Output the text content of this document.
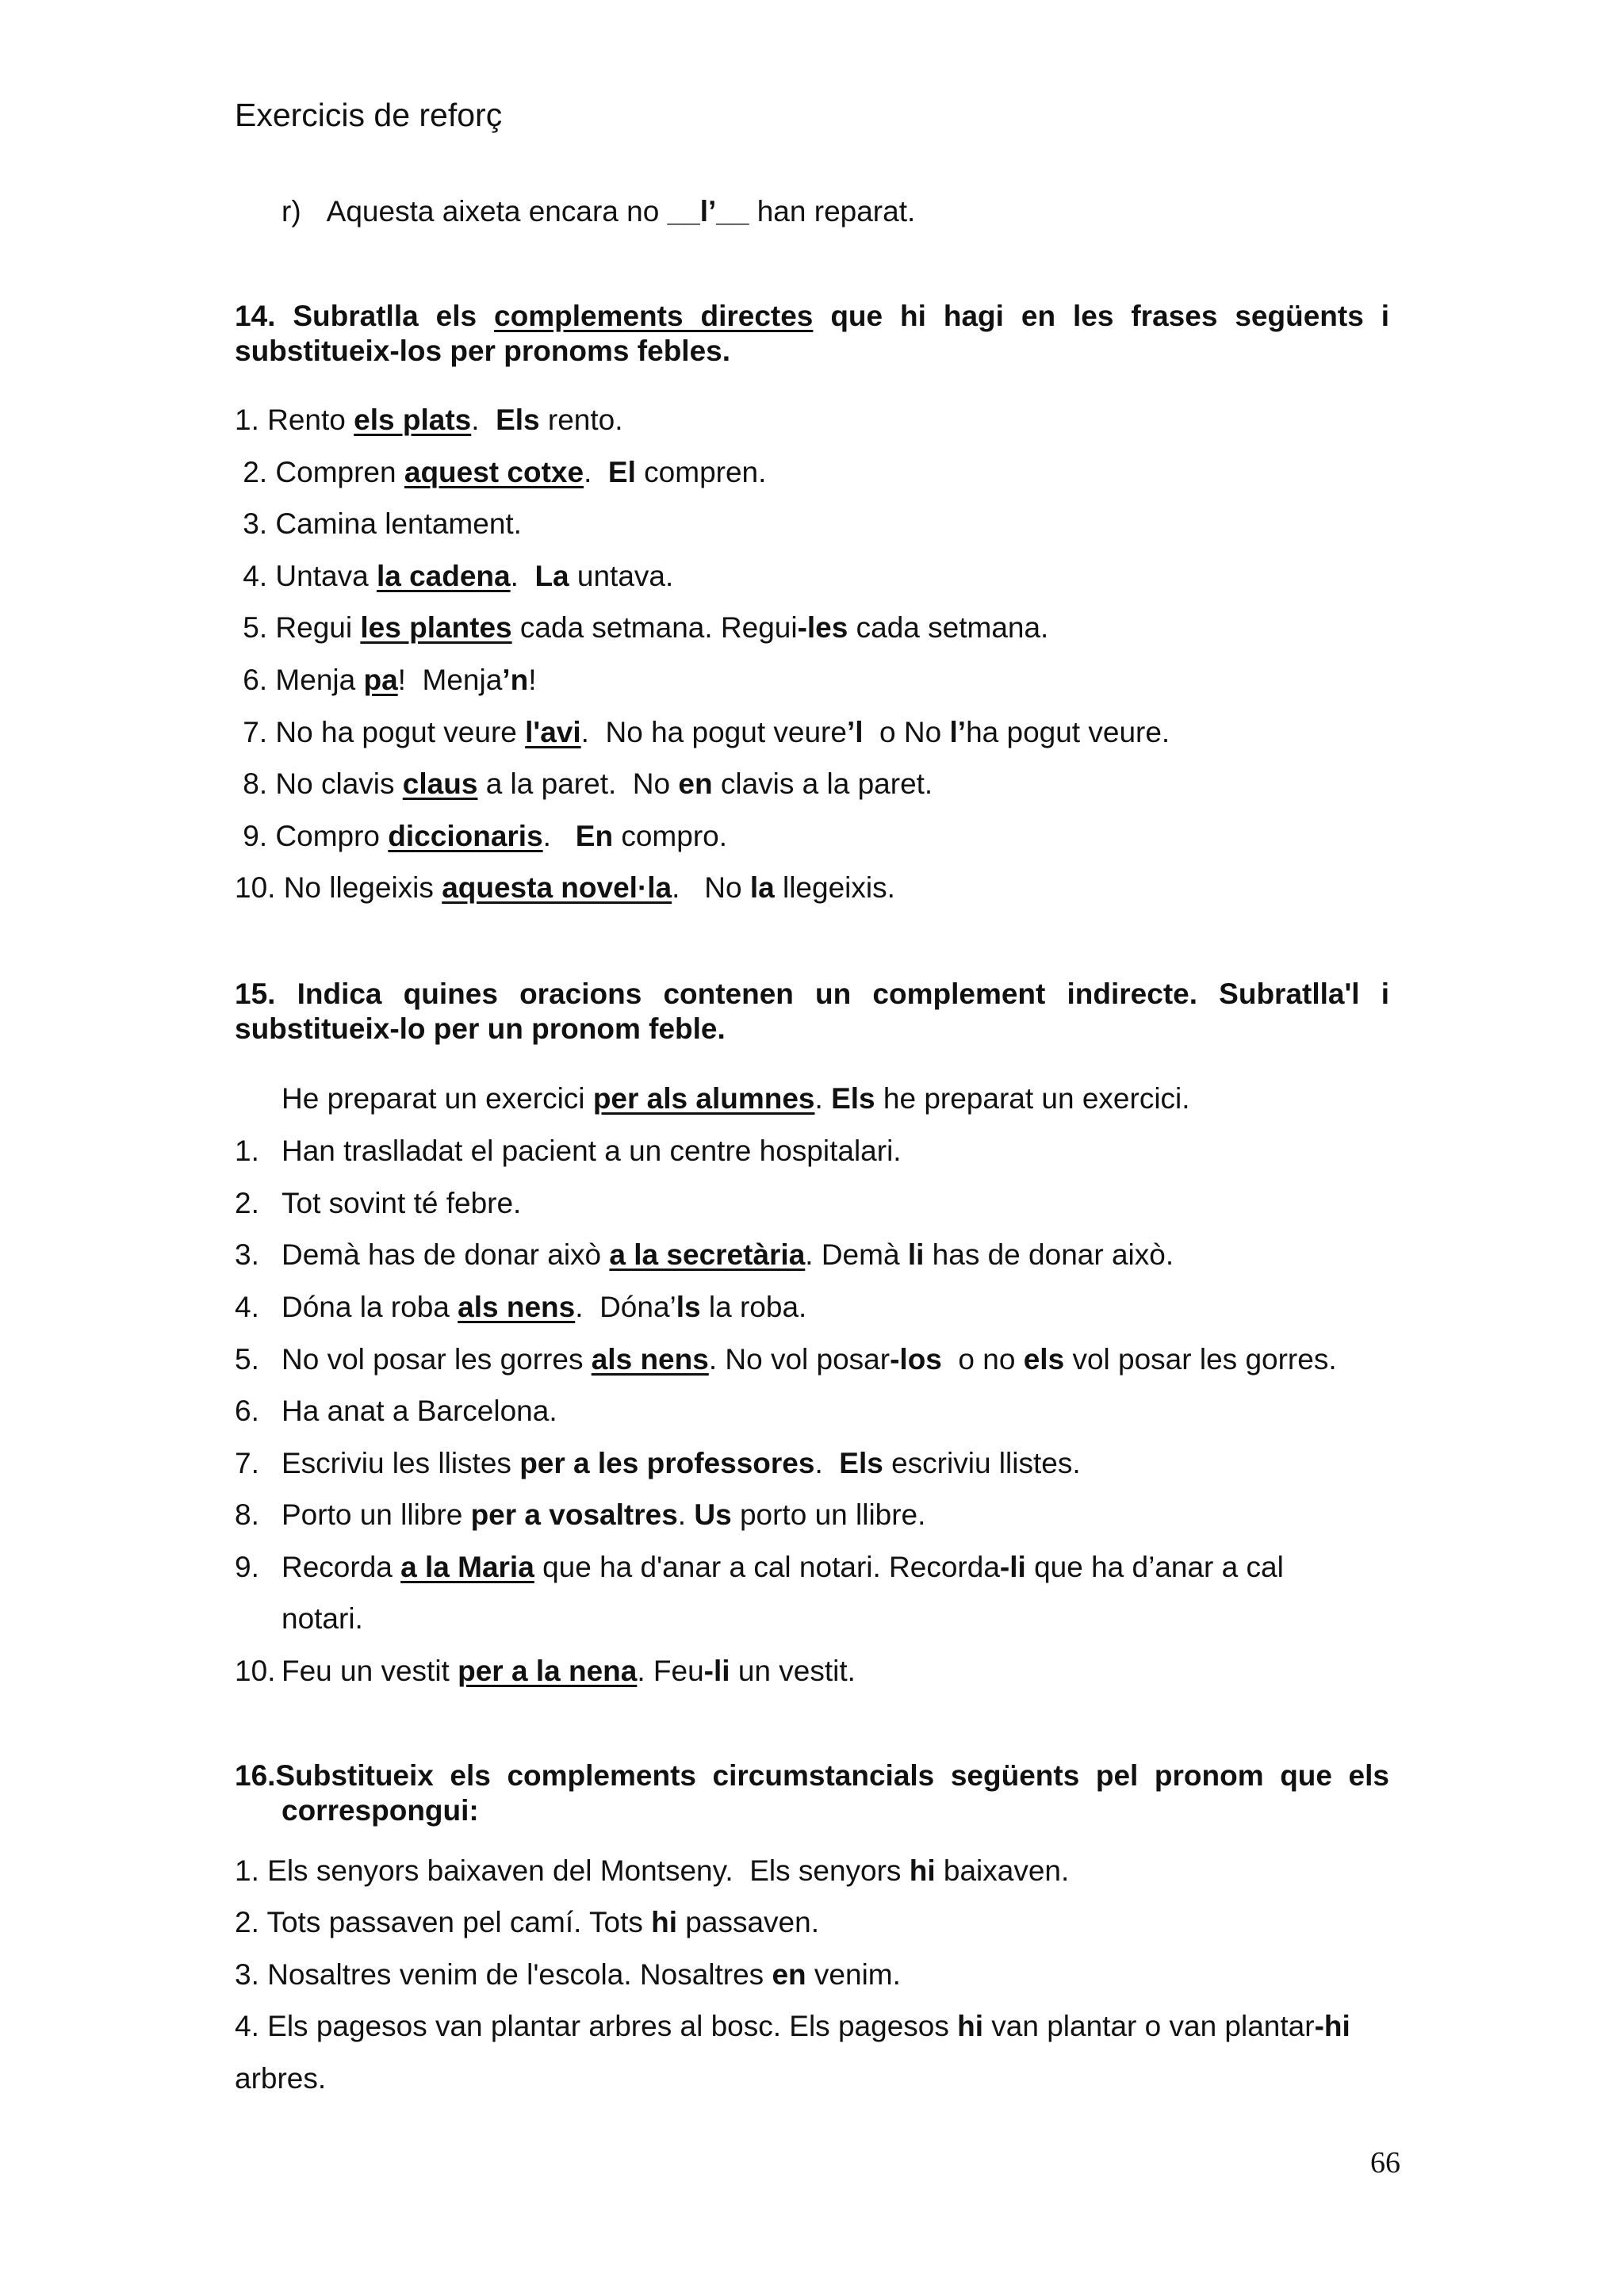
Exercicis de reforç
r) Aquesta aixeta encara no __l’__ han reparat.
14. Subratlla els complements directes que hi hagi en les frases següents i substitueix-los per pronoms febles.
1. Rento els plats.  Els rento.
2. Compren aquest cotxe.  El compren.
3. Camina lentament.
4. Untava la cadena.  La untava.
5. Regui les plantes cada setmana. Regui-les cada setmana.
6. Menja pa!  Menja’n!
7. No ha pogut veure l'avi.  No ha pogut veure’l  o No l’ha pogut veure.
8. No clavis claus a la paret.  No en clavis a la paret.
9. Compro diccionaris.   En compro.
10. No llegeixis aquesta novel·la.   No la llegeixis.
15. Indica quines oracions contenen un complement indirecte. Subratlla'l i substitueix-lo per un pronom feble.
He preparat un exercici per als alumnes. Els he preparat un exercici.
1. Han traslladat el pacient a un centre hospitalari.
2. Tot sovint té febre.
3. Demà has de donar això a la secretària. Demà li has de donar això.
4. Dóna la roba als nens.  Dóna’ls la roba.
5. No vol posar les gorres als nens. No vol posar-los  o no els vol posar les gorres.
6. Ha anat a Barcelona.
7. Escriviu les llistes per a les professores.  Els escriviu llistes.
8. Porto un llibre per a vosaltres. Us porto un llibre.
9. Recorda a la Maria que ha d'anar a cal notari. Recorda-li que ha d’anar a cal
notari.
10. Feu un vestit per a la nena. Feu-li un vestit.
16.Substitueix els complements circumstancials següents pel pronom que els
correspongui:
1. Els senyors baixaven del Montseny.  Els senyors hi baixaven.
2. Tots passaven pel camí. Tots hi passaven.
3. Nosaltres venim de l'escola. Nosaltres en venim.
4. Els pagesos van plantar arbres al bosc. Els pagesos hi van plantar o van plantar-hi
arbres.
66
